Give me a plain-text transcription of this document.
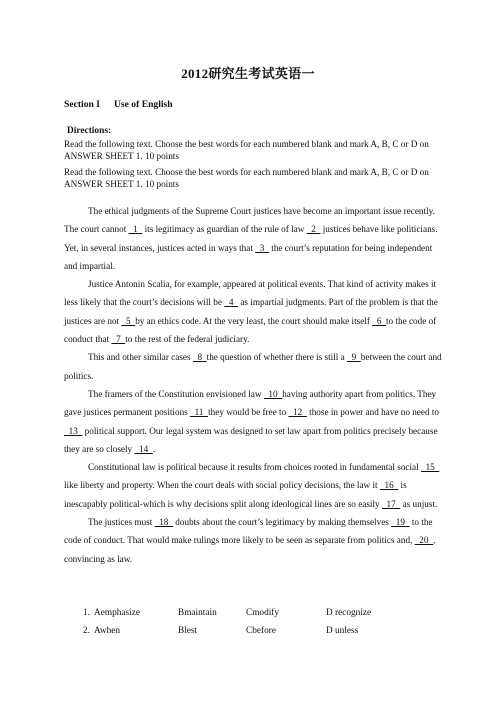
2012研究生考试英语一
Section I Use of English
Directions:
Read the following text. Choose the best words for each numbered blank and mark A, B, C or D on ANSWER SHEET 1. 10 points
Read the following text. Choose the best words for each numbered blank and mark A, B, C or D on ANSWER SHEET 1. 10 points

The ethical judgments of the Supreme Court justices have become an important issue recently. The court cannot   1   its legitimacy as guardian of the rule of law   2   justices behave like politicians. Yet, in several instances, justices acted in ways that   3   the court’s reputation for being independent and impartial.

Justice Antonin Scalia, for example, appeared at political events. That kind of activity makes it less likely that the court’s decisions will be   4   as impartial judgments. Part of the problem is that the justices are not   5  by an ethics code. At the very least, the court should make itself   6  to the code of conduct that   7  to the rest of the federal judiciary.

This and other similar cases   8  the question of whether there is still a   9  between the court and politics.

The framers of the Constitution envisioned law   10  having authority apart from politics. They gave justices permanent positions   11  they would be free to   12   those in power and have no need to   13   political support. Our legal system was designed to set law apart from politics precisely because they are so closely   14  .

Constitutional law is political because it results from choices rooted in fundamental social   15   like liberty and property. When the court deals with social policy decisions, the law it   16   is inescapably political-which is why decisions split along ideological lines are so easily   17   as unjust.

The justices must   18   doubts about the court’s legitimacy by making themselves   19   to the code of conduct. That would make rulings more likely to be seen as separate from politics and,   20  , convincing as law.

1. Aemphasize	Bmaintain	Cmodify	D recognize
2. Awhen	Blest	Cbefore	D unless
